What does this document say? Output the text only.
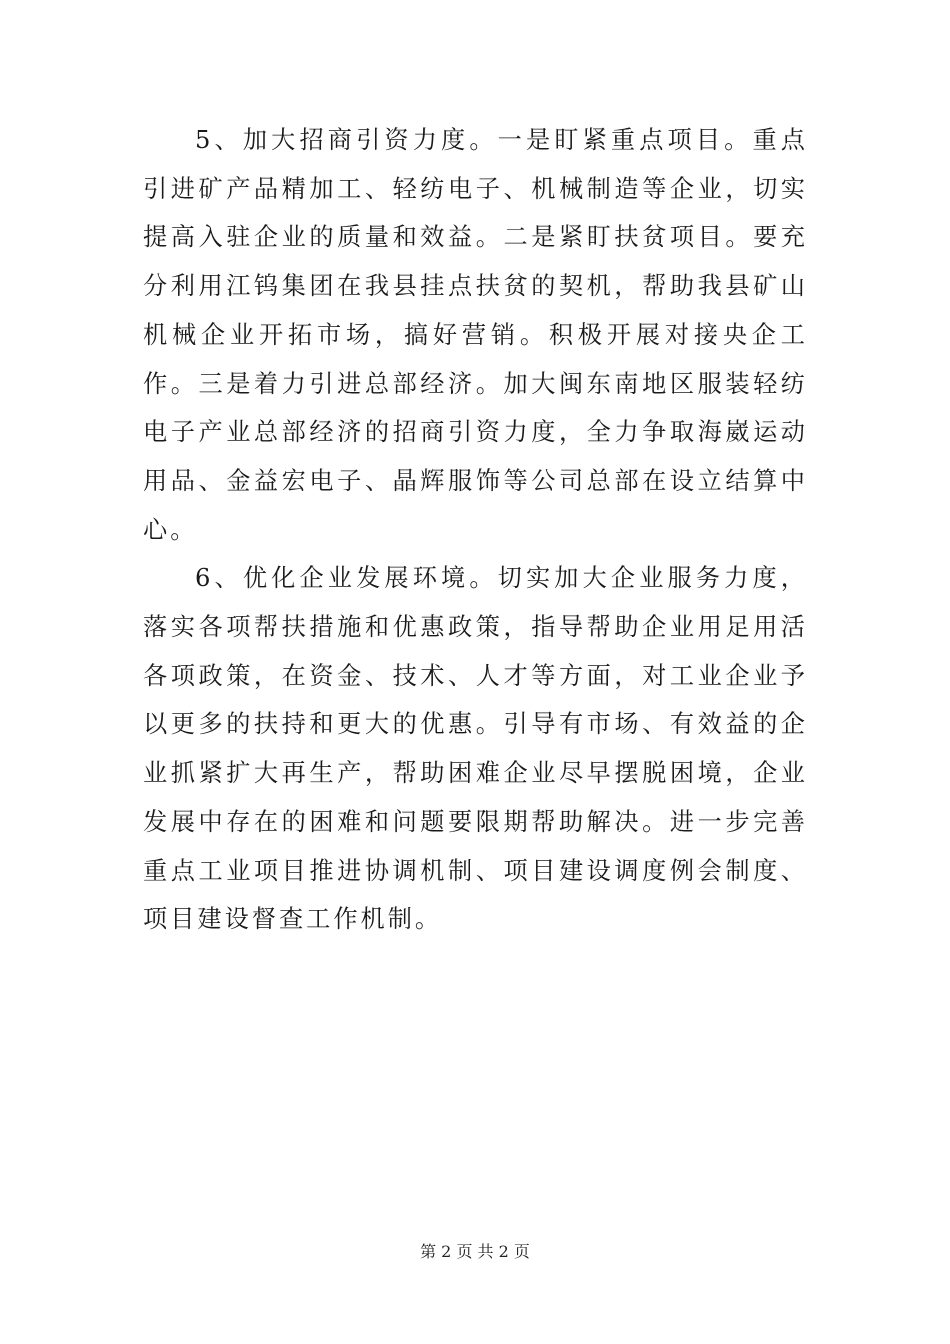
5、加大招商引资力度。一是盯紧重点项目。重点引进矿产品精加工、轻纺电子、机械制造等企业，切实提高入驻企业的质量和效益。二是紧盯扶贫项目。要充分利用江钨集团在我县挂点扶贫的契机，帮助我县矿山机械企业开拓市场，搞好营销。积极开展对接央企工作。三是着力引进总部经济。加大闽东南地区服装轻纺电子产业总部经济的招商引资力度，全力争取海崴运动用品、金益宏电子、晶辉服饰等公司总部在设立结算中心。

6、优化企业发展环境。切实加大企业服务力度，落实各项帮扶措施和优惠政策，指导帮助企业用足用活各项政策，在资金、技术、人才等方面，对工业企业予以更多的扶持和更大的优惠。引导有市场、有效益的企业抓紧扩大再生产，帮助困难企业尽早摆脱困境，企业发展中存在的困难和问题要限期帮助解决。进一步完善重点工业项目推进协调机制、项目建设调度例会制度、项目建设督查工作机制。

第 2 页 共 2 页
